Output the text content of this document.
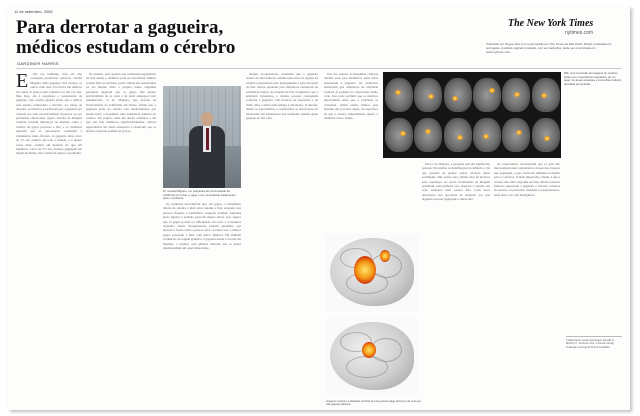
11 de setembro, 2006
Para derrotar a gagueira,
médicos estudam o cérebro
GARDINER HARRIS
The New York Times
nytimes.com
Traduzido em língua obra com a permissão por The Times de São Paulo, Brasil, publicada em português. A edição original completa, com as traduções, pode ser encontrada em www.nytimes.com.
E	Ele era brilhante, mas ele não conseguia pronunciar palavras. Gerald Maguire tinha gagueira. Em criança, os outros riam dele. Ele ficava em silêncio nas aulas. E passou anos tentando ler em voz alta. Mas hoje, ele é psiquiatra e pesquisador da gagueira. Seu cérebro guarda pistas que a ciência está apenas começando a decifrar. Ao longo de décadas, os médicos acreditaram que a gagueira era causada por pais excessivamente rigorosos ou por problemas emocionais. Agora, estudos de imagem cerebral revelam diferenças na maneira como o cérebro de gagos processa a fala, e os cientistas esperam que as descobertas conduzam a tratamentos mais eficazes. A gagueira afeta cerca de 1% dos adultos em todo o mundo, e é quatro vezes mais comum em homens do que em mulheres. Cerca de 5% das crianças gaguejam em algum momento, mas a maioria supera o problema.

No entanto, para aqueles que continuam gaguejando na vida adulta, o distúrbio pode ser devastador. Muitos evitam falar ao telefone, pedir comida em restaurantes ou até mesmo dizer o próprio nome. Algumas pesquisas sugerem que os gagos têm menos probabilidade de se casar e de obter empregos bem remunerados. O dr. Maguire, que leciona na Universidade da Califórnia em Irvine, afirma que a gagueira pode ser tratada com medicamentos que atuam sobre a dopamina, uma substância química do cérebro. Ele próprio toma um desses remédios e diz que sua fala melhorou significativamente. Outros especialistas são mais cautelosos e observam que os efeitos colaterais podem ser graves.

Dr. Gerald Maguire, um psiquiatra da Universidade da Califórnia em Irvine, é gago e tem pesquisado tratamentos para o problema.

Os cientistas descobriram que, em gagos, o hemisfério direito do cérebro é mais ativo durante a fala, enquanto nas pessoas fluentes o hemisfério esquerdo domina. Algumas áreas ligadas à audição parecem menos ativas. Isso sugere que os gagos podem ter dificuldade em ouvir a si mesmos enquanto falam. Pesquisadores usaram aparelhos que alteram a forma como a pessoa ouve a própria voz, e muitos gagos passaram a falar com maior fluência. Há também evidências de origem genética: a gagueira tende a ocorrer em famílias, e estudos com gêmeos indicam que os genes desempenham um papel importante.

Alguns pesquisadores acreditam que a gagueira resulta de uma falha de comunicação entre as regiões do cérebro responsáveis pelo planejamento e pela execução da fala. Outros apontam para diferenças estruturais na substância branca. As terapias de fala continuam a ser o principal tratamento, e muitas pessoas conseguem controlar a gagueira com técnicas de respiração e de ritmo. Mas o alívio nem sempre é duradouro. O desafio, dizem os especialistas, é transformar as descobertas do laboratório em tratamentos que realmente ajudem quem gagueja no dia a dia.

Um dos estudos acompanhou crianças durante anos para identificar quais delas superariam a gagueira. Os resultados mostraram que diferenças na atividade cerebral já podiam ser observadas muito cedo. Isso pode permitir que os médicos intervenham antes que o problema se consolide. Ainda assim, muitos pais hesitam em procurar ajuda, na esperança de que a criança simplesmente supere o distúrbio com o tempo.

RM: uma sucessão de imagens do cérebro, feitas com ressonância magnética, de um gago. As áreas amarelas e vermelhas indicam atividade aumentada.
Imagens mostram a atividade cerebral de uma pessoa gaga (acima) e de uma que não gagueja (abaixo).

Para o dr. Maguire, a pesquisa tem um significado pessoal. Ele lembra as humilhações da infância e diz que gostaria de poupar outras crianças desse sofrimento. Não existe cura, afirma, mas há motivos para esperança. As novas ferramentas de imagem permitem, pela primeira vez, observar o cérebro em ação enquanto uma pessoa fala. Cada nova descoberta nos aproxima de entender por que algumas pessoas gaguejam e outras não.

Os especialistas recomendam que os pais não interrompam nem completem as frases das crianças que gaguejam, e que criem um ambiente tranquilo para a conversa. O mais importante, dizem, é que a criança não sinta vergonha de falar. Muitas pessoas famosas superaram a gagueira e tiveram carreiras de sucesso. O problema, insistem os pesquisadores, nada tem a ver com inteligência.

Colaboraram nesta reportagem Donald G. McNeil Jr., de Nova York, e Denise Grady. Tradução: George El Khouri Andolfato.
